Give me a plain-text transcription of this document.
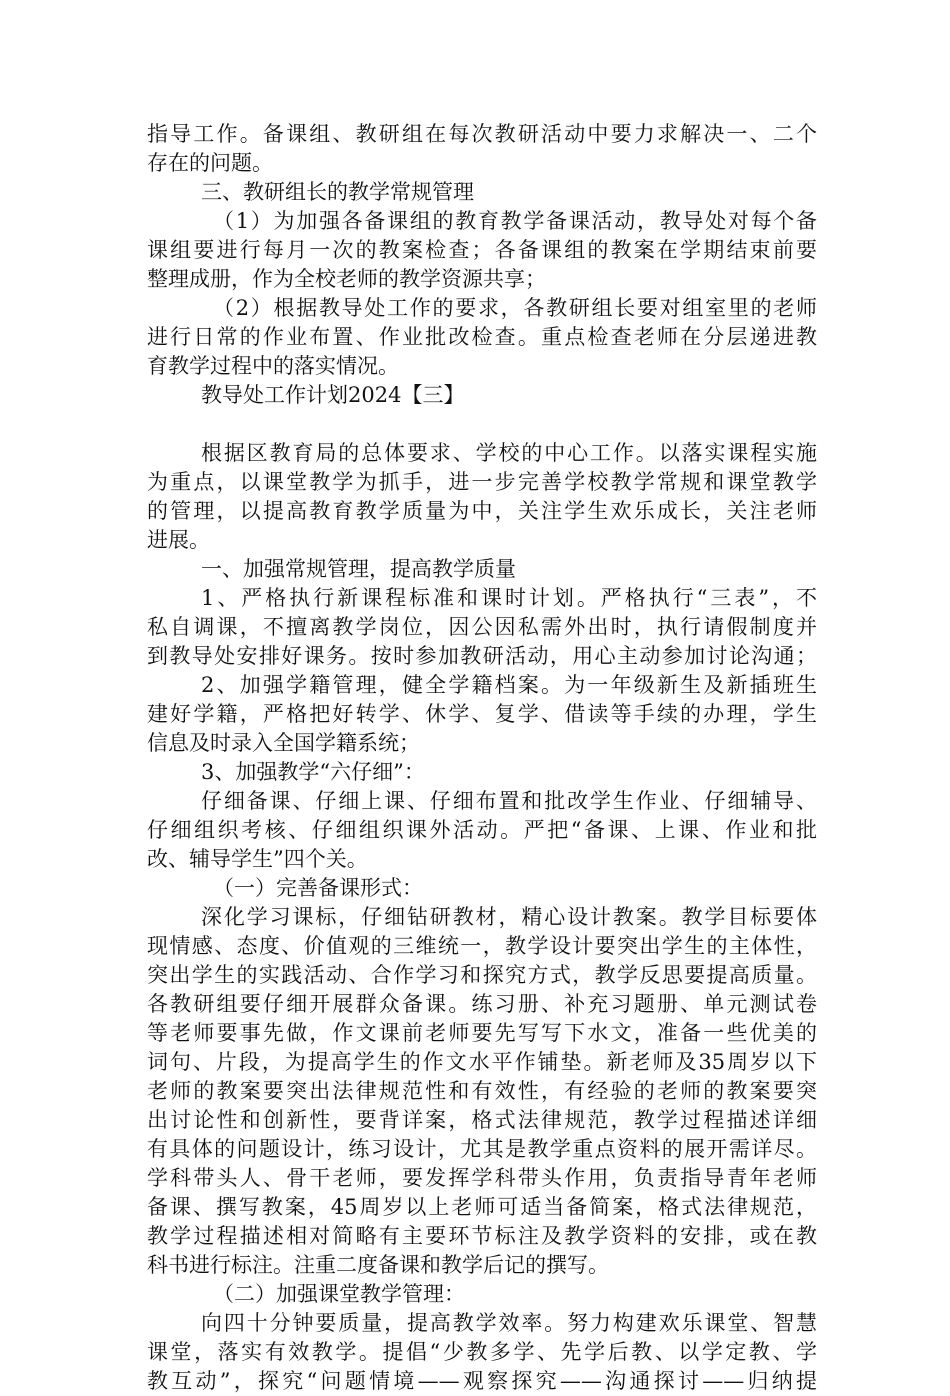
指导工作。备课组、教研组在每次教研活动中要力求解决一、二个
存在的问题。
三、教研组长的教学常规管理
（1）为加强各备课组的教育教学备课活动，教导处对每个备
课组要进行每月一次的教案检查；各备课组的教案在学期结束前要
整理成册，作为全校老师的教学资源共享；
（2）根据教导处工作的要求，各教研组长要对组室里的老师
进行日常的作业布置、作业批改检查。重点检查老师在分层递进教
育教学过程中的落实情况。
教导处工作计划2024【三】
根据区教育局的总体要求、学校的中心工作。以落实课程实施
为重点，以课堂教学为抓手，进一步完善学校教学常规和课堂教学
的管理，以提高教育教学质量为中，关注学生欢乐成长，关注老师
进展。
一、加强常规管理，提高教学质量
1、严格执行新课程标准和课时计划。严格执行“三表”，不
私自调课，不擅离教学岗位，因公因私需外出时，执行请假制度并
到教导处安排好课务。按时参加教研活动，用心主动参加讨论沟通；
2、加强学籍管理，健全学籍档案。为一年级新生及新插班生
建好学籍，严格把好转学、休学、复学、借读等手续的办理，学生
信息及时录入全国学籍系统；
3、加强教学“六仔细”：
仔细备课、仔细上课、仔细布置和批改学生作业、仔细辅导、
仔细组织考核、仔细组织课外活动。严把“备课、上课、作业和批
改、辅导学生”四个关。
（一）完善备课形式：
深化学习课标，仔细钻研教材，精心设计教案。教学目标要体
现情感、态度、价值观的三维统一，教学设计要突出学生的主体性，
突出学生的实践活动、合作学习和探究方式，教学反思要提高质量。
各教研组要仔细开展群众备课。练习册、补充习题册、单元测试卷
等老师要事先做，作文课前老师要先写写下水文，准备一些优美的
词句、片段，为提高学生的作文水平作铺垫。新老师及35周岁以下
老师的教案要突出法律规范性和有效性，有经验的老师的教案要突
出讨论性和创新性，要背详案，格式法律规范，教学过程描述详细
有具体的问题设计，练习设计，尤其是教学重点资料的展开需详尽。
学科带头人、骨干老师，要发挥学科带头作用，负责指导青年老师
备课、撰写教案，45周岁以上老师可适当备简案，格式法律规范，
教学过程描述相对简略有主要环节标注及教学资料的安排，或在教
科书进行标注。注重二度备课和教学后记的撰写。
（二）加强课堂教学管理：
向四十分钟要质量，提高教学效率。努力构建欢乐课堂、智慧
课堂，落实有效教学。提倡“少教多学、先学后教、以学定教、学
教互动”，探究“问题情境——观察探究——沟通探讨——归纳提
